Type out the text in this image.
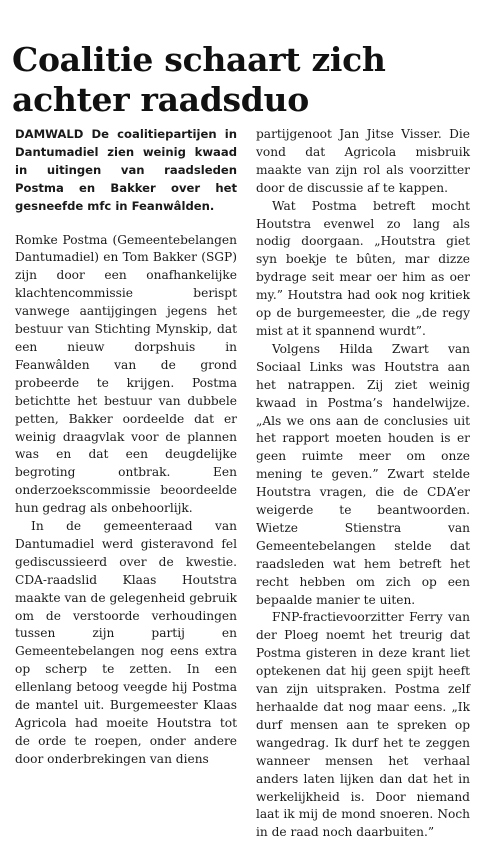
Coalitie schaart zich
achter raadsduo

DAMWALD De coalitiepartijen in Dantumadiel zien weinig kwaad in uitingen van raadsleden Postma en Bakker over het gesneefde mfc in Feanwâlden.

Romke Postma (Gemeentebelangen Dantumadiel) en Tom Bakker (SGP) zijn door een onafhankelijke klachtencommissie berispt vanwege aantijgingen jegens het bestuur van Stichting Mynskip, dat een nieuw dorpshuis in Feanwâlden van de grond probeerde te krijgen. Postma betichtte het bestuur van dubbele petten, Bakker oordeelde dat er weinig draagvlak voor de plannen was en dat een deugdelijke begroting ontbrak. Een onderzoekscommissie beoordeelde hun gedrag als onbehoorlijk.

In de gemeenteraad van Dantumadiel werd gisteravond fel gediscussieerd over de kwestie. CDA-raadslid Klaas Houtstra maakte van de gelegenheid gebruik om de verstoorde verhoudingen tussen zijn partij en Gemeentebelangen nog eens extra op scherp te zetten. In een ellenlang betoog veegde hij Postma de mantel uit. Burgemeester Klaas Agricola had moeite Houtstra tot de orde te roepen, onder andere door onderbrekingen van diens

partijgenoot Jan Jitse Visser. Die vond dat Agricola misbruik maakte van zijn rol als voorzitter door de discussie af te kappen.

Wat Postma betreft mocht Houtstra evenwel zo lang als nodig doorgaan. „Houtstra giet syn boekje te bûten, mar dizze bydrage seit mear oer him as oer my.” Houtstra had ook nog kritiek op de burgemeester, die „de regy mist at it spannend wurdt”.

Volgens Hilda Zwart van Sociaal Links was Houtstra aan het natrappen. Zij ziet weinig kwaad in Postma’s handelwijze. „Als we ons aan de conclusies uit het rapport moeten houden is er geen ruimte meer om onze mening te geven.” Zwart stelde Houtstra vragen, die de CDA’er weigerde te beantwoorden. Wietze Stienstra van Gemeentebelangen stelde dat raadsleden wat hem betreft het recht hebben om zich op een bepaalde manier te uiten.

FNP-fractievoorzitter Ferry van der Ploeg noemt het treurig dat Postma gisteren in deze krant liet optekenen dat hij geen spijt heeft van zijn uitspraken. Postma zelf herhaalde dat nog maar eens. „Ik durf mensen aan te spreken op wangedrag. Ik durf het te zeggen wanneer mensen het verhaal anders laten lijken dan dat het in werkelijkheid is. Door niemand laat ik mij de mond snoeren. Noch in de raad noch daarbuiten.”
